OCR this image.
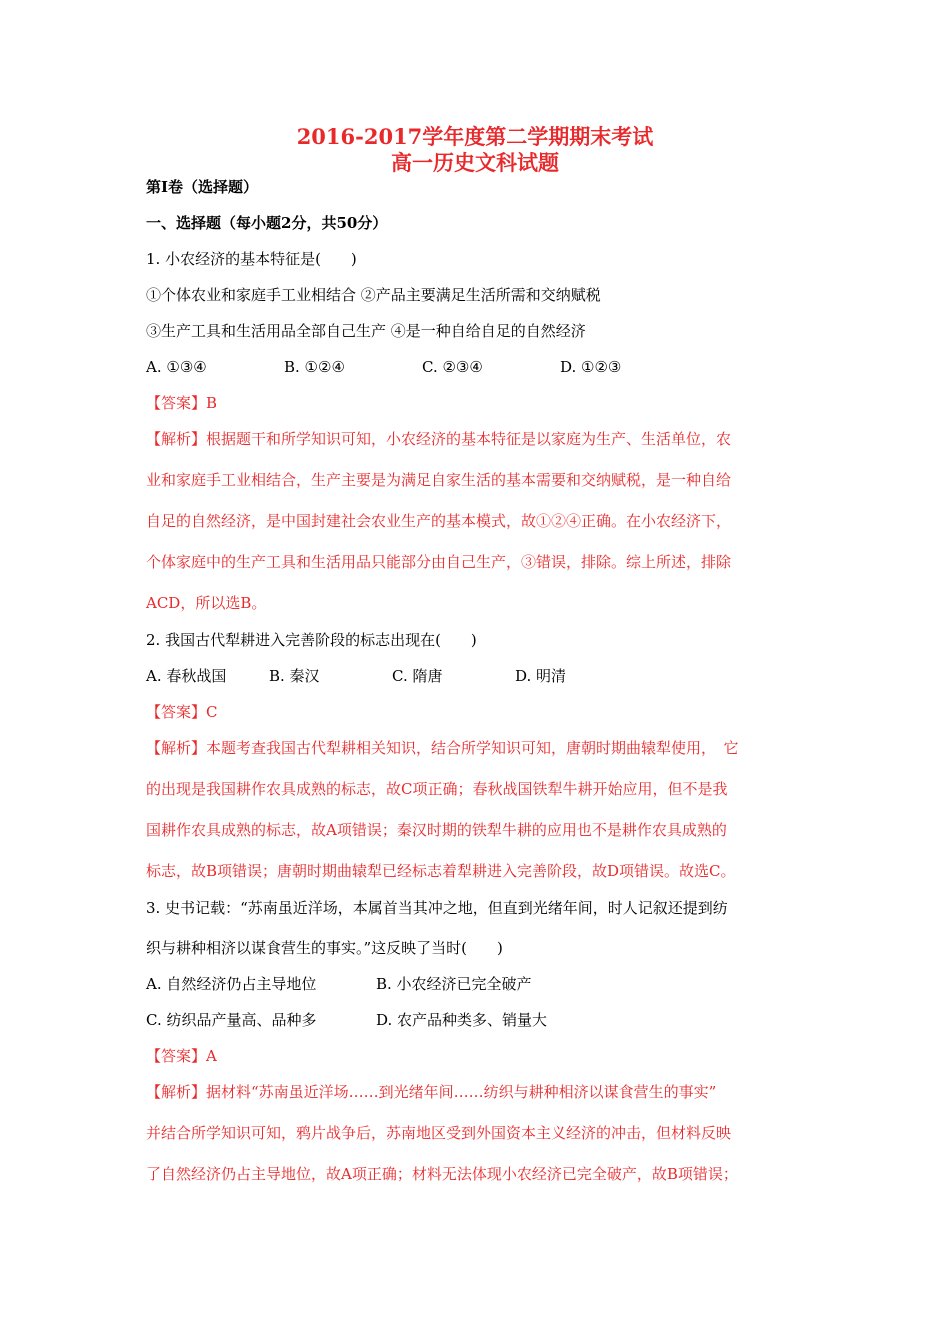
2016-2017学年度第二学期期末考试
高一历史文科试题
第Ⅰ卷（选择题）
一、选择题（每小题2分，共50分）
1. 小农经济的基本特征是(　　)
①个体农业和家庭手工业相结合 ②产品主要满足生活所需和交纳赋税
③生产工具和生活用品全部自己生产 ④是一种自给自足的自然经济
A. ①③④	B. ①②④	C. ②③④	D. ①②③
【答案】B
【解析】根据题干和所学知识可知，小农经济的基本特征是以家庭为生产、生活单位，农
业和家庭手工业相结合，生产主要是为满足自家生活的基本需要和交纳赋税，是一种自给
自足的自然经济，是中国封建社会农业生产的基本模式，故①②④正确。在小农经济下，
个体家庭中的生产工具和生活用品只能部分由自己生产，③错误，排除。综上所述，排除
ACD，所以选B。
2. 我国古代犁耕进入完善阶段的标志出现在(　　)
A. 春秋战国	B. 秦汉	C. 隋唐	D. 明清
【答案】C
【解析】本题考查我国古代犁耕相关知识，结合所学知识可知，唐朝时期曲辕犁使用，　它
的出现是我国耕作农具成熟的标志，故C项正确；春秋战国铁犁牛耕开始应用，但不是我
国耕作农具成熟的标志，故A项错误；秦汉时期的铁犁牛耕的应用也不是耕作农具成熟的
标志，故B项错误；唐朝时期曲辕犁已经标志着犁耕进入完善阶段，故D项错误。故选C。
3. 史书记载：“苏南虽近洋场，本属首当其冲之地，但直到光绪年间，时人记叙还提到纺
织与耕种相济以谋食营生的事实。”这反映了当时(　　)
A. 自然经济仍占主导地位	B. 小农经济已完全破产
C. 纺织品产量高、品种多	D. 农产品种类多、销量大
【答案】A
【解析】据材料“苏南虽近洋场……到光绪年间……纺织与耕种相济以谋食营生的事实”
并结合所学知识可知，鸦片战争后，苏南地区受到外国资本主义经济的冲击，但材料反映
了自然经济仍占主导地位，故A项正确；材料无法体现小农经济已完全破产，故B项错误；
